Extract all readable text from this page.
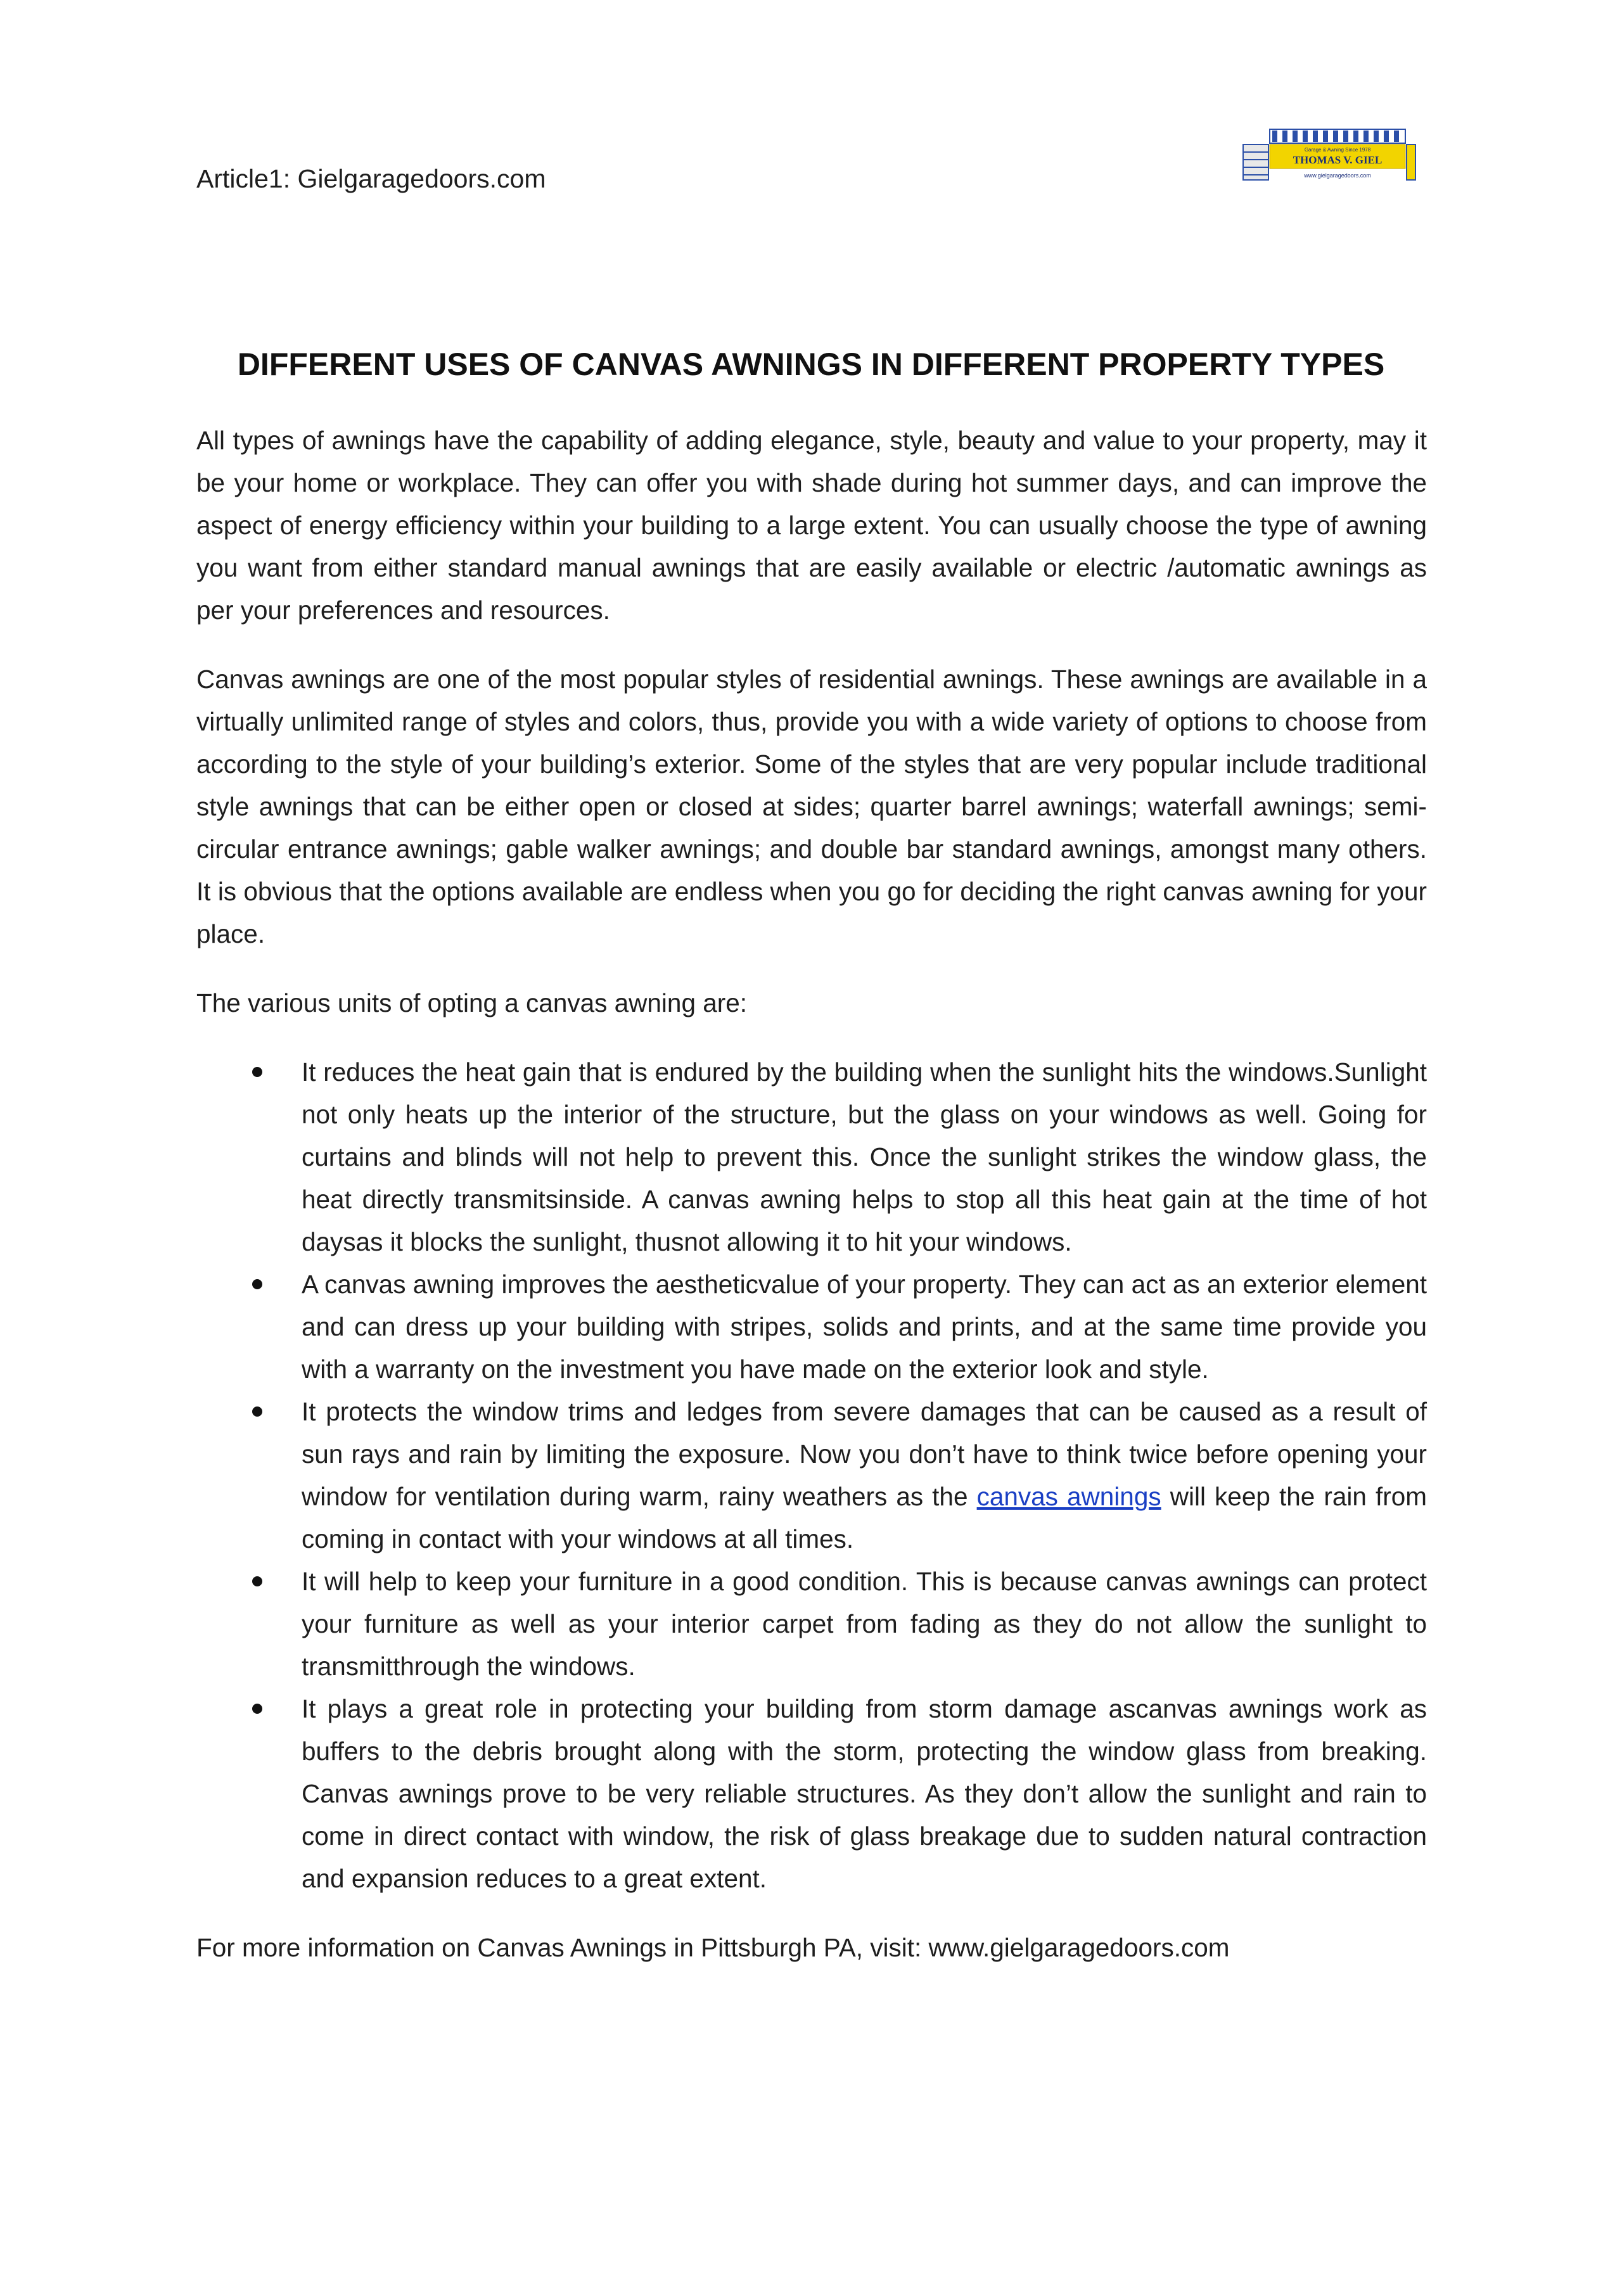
Article1: Gielgaragedoors.com
Garage & Awning Since 1978
THOMAS V. GIEL
www.gielgaragedoors.com
DIFFERENT USES OF CANVAS AWNINGS IN DIFFERENT PROPERTY TYPES

All types of awnings have the capability of adding elegance, style, beauty and value to your property, may it be your home or workplace. They can offer you with shade during hot summer days, and can improve the aspect of energy efficiency within your building to a large extent. You can usually choose the type of awning you want from either standard manual awnings that are easily available or electric /automatic awnings as per your preferences and resources.

Canvas awnings are one of the most popular styles of residential awnings. These awnings are available in a virtually unlimited range of styles and colors, thus, provide you with a wide variety of options to choose from according to the style of your building’s exterior. Some of the styles that are very popular include traditional style awnings that can be either open or closed at sides; quarter barrel awnings; waterfall awnings; semi-circular entrance awnings; gable walker awnings; and double bar standard awnings, amongst many others. It is obvious that the options available are endless when you go for deciding the right canvas awning for your place.

The various units of opting a canvas awning are:

It reduces the heat gain that is endured by the building when the sunlight hits the windows.Sunlight not only heats up the interior of the structure, but the glass on your windows as well. Going for curtains and blinds will not help to prevent this. Once the sunlight strikes the window glass, the heat directly transmitsinside. A canvas awning helps to stop all this heat gain at the time of hot daysas it blocks the sunlight, thusnot allowing it to hit your windows.
A canvas awning improves the aestheticvalue of your property. They can act as an exterior element and can dress up your building with stripes, solids and prints, and at the same time provide you with a warranty on the investment you have made on the exterior look and style.
It protects the window trims and ledges from severe damages that can be caused as a result of sun rays and rain by limiting the exposure. Now you don’t have to think twice before opening your window for ventilation during warm, rainy weathers as the canvas awnings will keep the rain from coming in contact with your windows at all times.
It will help to keep your furniture in a good condition. This is because canvas awnings can protect your furniture as well as your interior carpet from fading as they do not allow the sunlight to transmitthrough the windows.
It plays a great role in protecting your building from storm damage ascanvas awnings work as buffers to the debris brought along with the storm, protecting the window glass from breaking. Canvas awnings prove to be very reliable structures. As they don’t allow the sunlight and rain to come in direct contact with window, the risk of glass breakage due to sudden natural contraction and expansion reduces to a great extent.

For more information on Canvas Awnings in Pittsburgh PA, visit: www.gielgaragedoors.com
